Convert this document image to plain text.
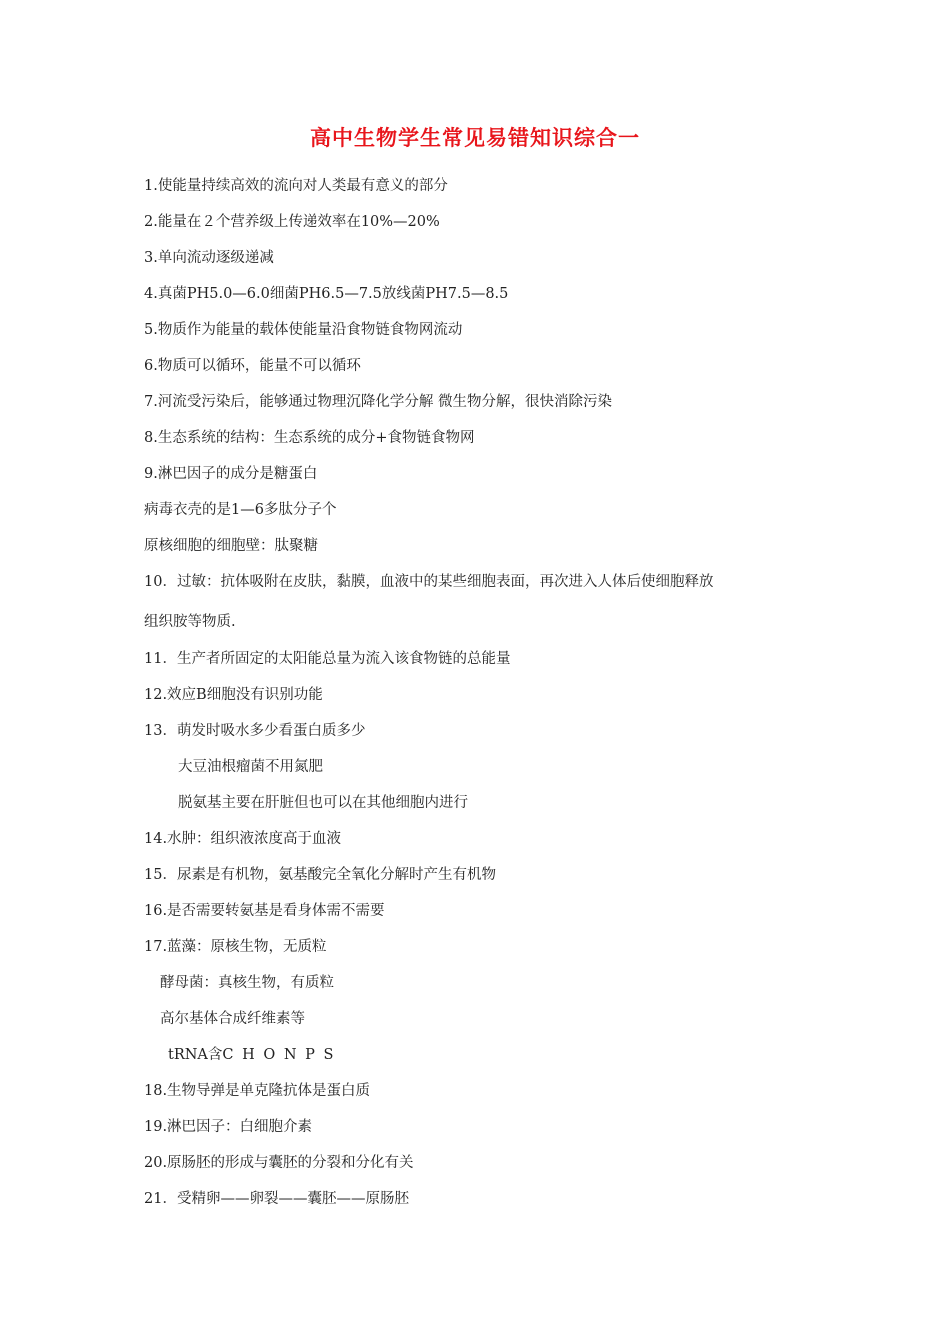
高中生物学生常见易错知识综合一
1.使能量持续高效的流向对人类最有意义的部分
2.能量在２个营养级上传递效率在10%—20%
3.单向流动逐级递减
4.真菌PH5.0—6.0细菌PH6.5—7.5放线菌PH7.5—8.5
5.物质作为能量的载体使能量沿食物链食物网流动
6.物质可以循环，能量不可以循环
7.河流受污染后，能够通过物理沉降化学分解 微生物分解，很快消除污染
8.生态系统的结构：生态系统的成分+食物链食物网
9.淋巴因子的成分是糖蛋白
病毒衣壳的是1—6多肽分子个
原核细胞的细胞壁：肽聚糖
10．过敏：抗体吸附在皮肤，黏膜，血液中的某些细胞表面，再次进入人体后使细胞释放
组织胺等物质.
11．生产者所固定的太阳能总量为流入该食物链的总能量
12.效应B细胞没有识别功能
13．萌发时吸水多少看蛋白质多少
大豆油根瘤菌不用氮肥
脱氨基主要在肝脏但也可以在其他细胞内进行
14.水肿：组织液浓度高于血液
15．尿素是有机物，氨基酸完全氧化分解时产生有机物
16.是否需要转氨基是看身体需不需要
17.蓝藻：原核生物，无质粒
酵母菌：真核生物，有质粒
高尔基体合成纤维素等
tRNA含C H O N P S
18.生物导弹是单克隆抗体是蛋白质
19.淋巴因子：白细胞介素
20.原肠胚的形成与囊胚的分裂和分化有关
21．受精卵——卵裂——囊胚——原肠胚
